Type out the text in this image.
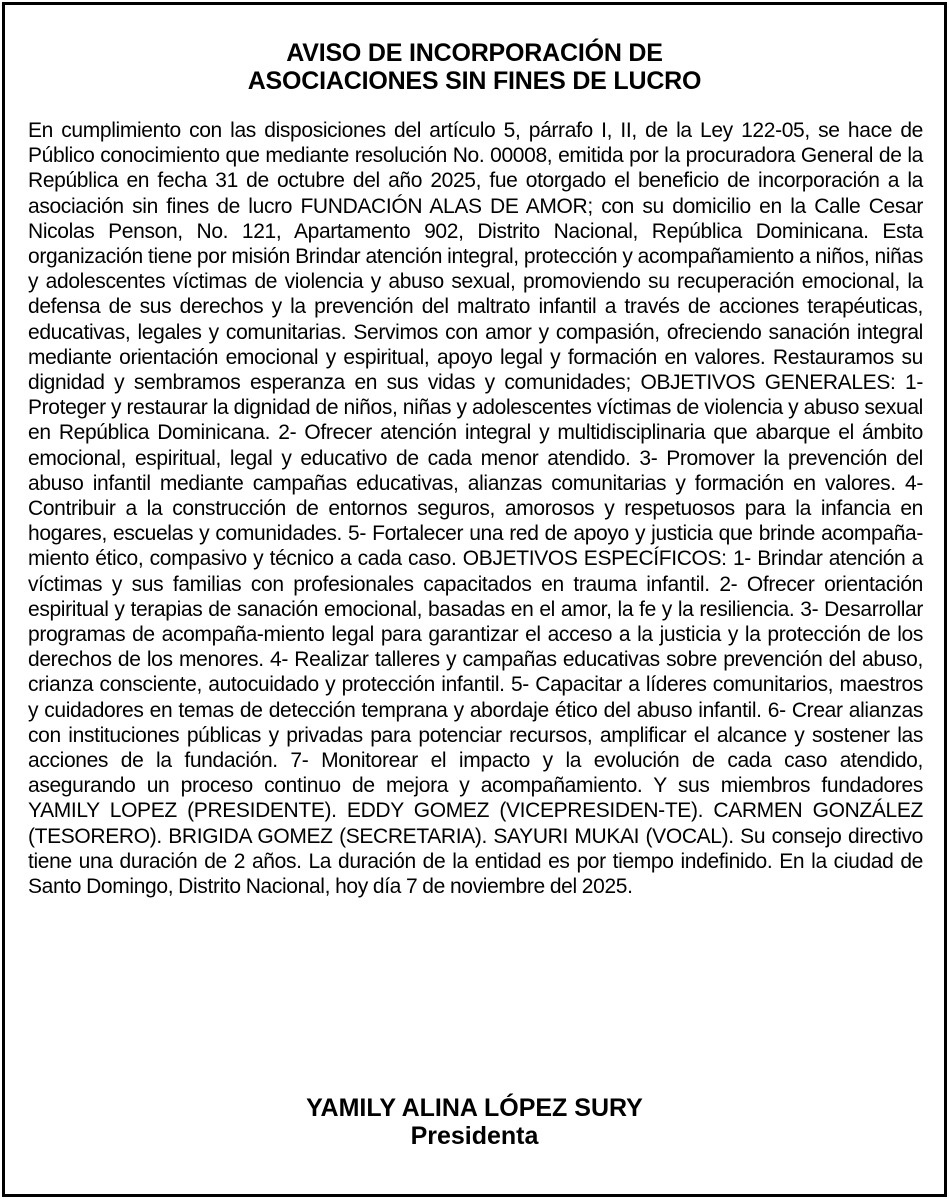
AVISO DE INCORPORACIÓN DE
ASOCIACIONES SIN FINES DE LUCRO

En cumplimiento con las disposiciones del artículo 5, párrafo I, II, de la Ley 122-05, se hace de Público conocimiento que mediante resolución No. 00008, emitida por la procuradora General de la República en fecha 31 de octubre del año 2025, fue otorgado el beneficio de incorporación a la asociación sin fines de lucro FUNDACIÓN ALAS DE AMOR; con su domicilio en la Calle Cesar Nicolas Penson, No. 121, Apartamento 902, Distrito Nacional, República Dominicana. Esta organización tiene por misión Brindar atención integral, protección y acompañamiento a niños, niñas y adolescentes víctimas de violencia y abuso sexual, promoviendo su recuperación emocional, la defensa de sus derechos y la prevención del maltrato infantil a través de acciones terapéuticas, educativas, legales y comunitarias. Servimos con amor y compasión, ofreciendo sanación integral mediante orientación emocional y espiritual, apoyo legal y formación en valores. Restauramos su dignidad y sembramos esperanza en sus vidas y comunidades; OBJETIVOS GENERALES: 1- Proteger y restaurar la dignidad de niños, niñas y adolescentes víctimas de violencia y abuso sexual en República Dominicana. 2- Ofrecer atención integral y multidisciplinaria que abarque el ámbito emocional, espiritual, legal y educativo de cada menor atendido. 3- Promover la prevención del abuso infantil mediante campañas educativas, alianzas comunitarias y formación en valores. 4- Contribuir a la construcción de entornos seguros, amorosos y respetuosos para la infancia en hogares, escuelas y comunidades. 5- Fortalecer una red de apoyo y justicia que brinde acompaña-miento ético, compasivo y técnico a cada caso. OBJETIVOS ESPECÍFICOS: 1- Brindar atención a víctimas y sus familias con profesionales capacitados en trauma infantil. 2- Ofrecer orientación espiritual y terapias de sanación emocional, basadas en el amor, la fe y la resiliencia. 3- Desarrollar programas de acompaña-miento legal para garantizar el acceso a la justicia y la protección de los derechos de los menores. 4- Realizar talleres y campañas educativas sobre prevención del abuso, crianza consciente, autocuidado y protección infantil. 5- Capacitar a líderes comunitarios, maestros y cuidadores en temas de detección temprana y abordaje ético del abuso infantil. 6- Crear alianzas con instituciones públicas y privadas para potenciar recursos, amplificar el alcance y sostener las acciones de la fundación. 7- Monitorear el impacto y la evolución de cada caso atendido, asegurando un proceso continuo de mejora y acompañamiento. Y sus miembros fundadores YAMILY LOPEZ (PRESIDENTE). EDDY GOMEZ (VICEPRESIDEN-TE). CARMEN GONZÁLEZ (TESORERO). BRIGIDA GOMEZ (SECRETARIA). SAYURI MUKAI (VOCAL). Su consejo directivo tiene una duración de 2 años. La duración de la entidad es por tiempo indefinido. En la ciudad de Santo Domingo, Distrito Nacional, hoy día 7 de noviembre del 2025.

YAMILY ALINA LÓPEZ SURY
Presidenta
